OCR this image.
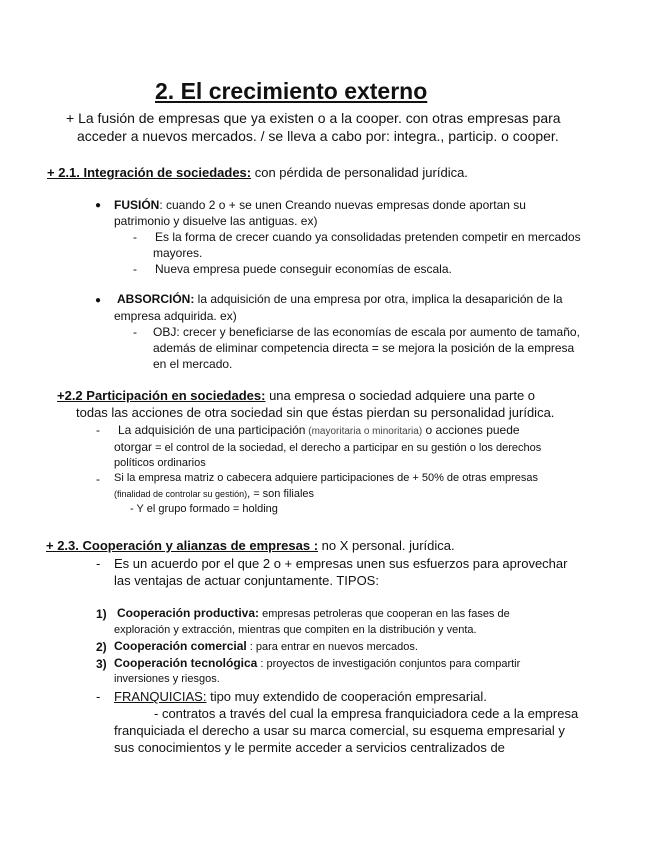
2. El crecimiento externo
+ La fusión de empresas que ya existen o a la cooper. con otras empresas para
acceder a nuevos mercados. / se lleva a cabo por: integra., particip. o cooper.
+ 2.1. Integración de sociedades: con pérdida de personalidad jurídica.
● FUSIÓN: cuando 2 o + se unen Creando nuevas empresas donde aportan su
patrimonio y disuelve las antiguas. ex)
- Es la forma de crecer cuando ya consolidadas pretenden competir en mercados
mayores.
- Nueva empresa puede conseguir economías de escala.
● ABSORCIÓN: la adquisición de una empresa por otra, implica la desaparición de la
empresa adquirida. ex)
- OBJ: crecer y beneficiarse de las economías de escala por aumento de tamaño,
además de eliminar competencia directa = se mejora la posición de la empresa
en el mercado.
+2.2 Participación en sociedades: una empresa o sociedad adquiere una parte o
todas las acciones de otra sociedad sin que éstas pierdan su personalidad jurídica.
- La adquisición de una participación (mayoritaria o minoritaria) o acciones puede
otorgar = el control de la sociedad, el derecho a participar en su gestión o los derechos
políticos ordinarios
- Si la empresa matriz o cabecera adquiere participaciones de + 50% de otras empresas
(finalidad de controlar su gestión), = son filiales
- Y el grupo formado = holding
+ 2.3. Cooperación y alianzas de empresas : no X personal. jurídica.
- Es un acuerdo por el que 2 o + empresas unen sus esfuerzos para aprovechar
las ventajas de actuar conjuntamente. TIPOS:
1) Cooperación productiva: empresas petroleras que cooperan en las fases de
exploración y extracción, mientras que compiten en la distribución y venta.
2) Cooperación comercial : para entrar en nuevos mercados.
3) Cooperación tecnológica : proyectos de investigación conjuntos para compartir
inversiones y riesgos.
- FRANQUICIAS: tipo muy extendido de cooperación empresarial.
- contratos a través del cual la empresa franquiciadora cede a la empresa
franquiciada el derecho a usar su marca comercial, su esquema empresarial y
sus conocimientos y le permite acceder a servicios centralizados de
